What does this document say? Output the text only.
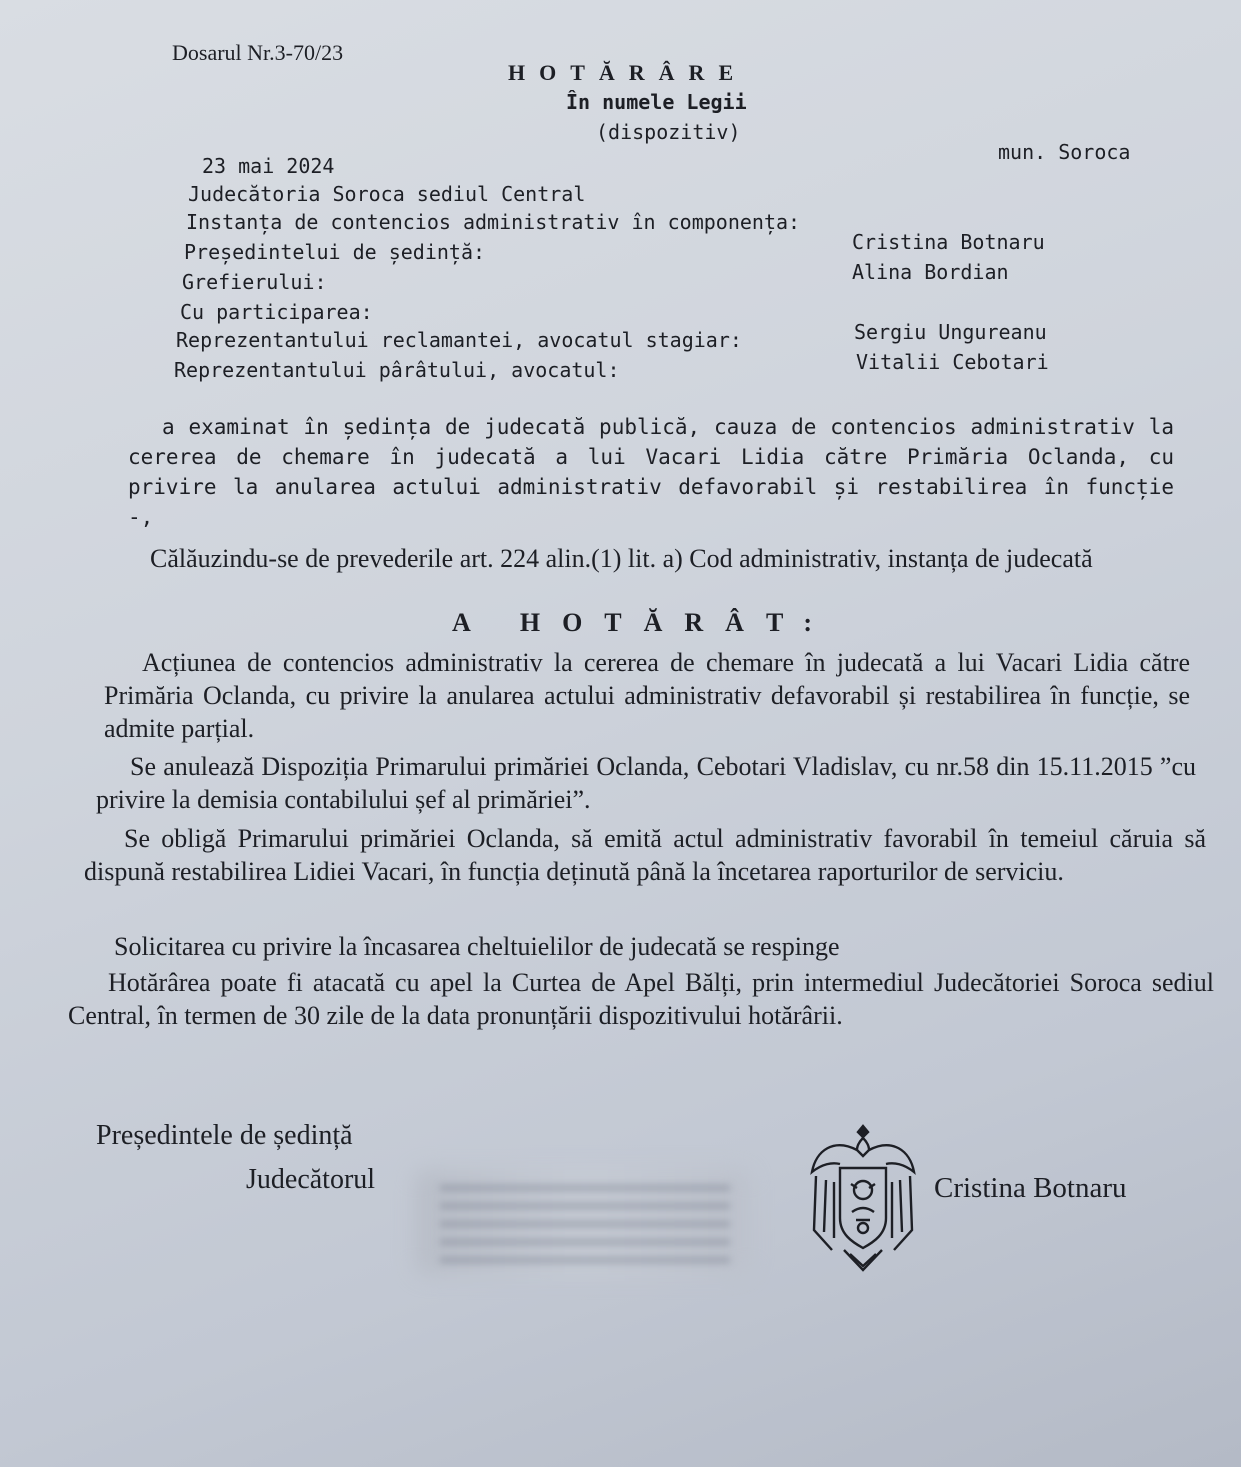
Dosarul Nr.3-70/23
HOTĂRÂRE
În numele Legii
(dispozitiv)
mun. Soroca
23 mai 2024
Judecătoria Soroca sediul Central
Instanța de contencios administrativ în componența:
Președintelui de ședință:	Cristina Botnaru
Grefierului:	Alina Bordian
Cu participarea:
Reprezentantului reclamantei, avocatul stagiar:	Sergiu Ungureanu
Reprezentantului pârâtului, avocatul:	Vitalii Cebotari
a examinat în ședința de judecată publică, cauza de contencios administrativ la cererea de chemare în judecată a lui Vacari Lidia către Primăria Oclanda, cu privire la anularea actului administrativ defavorabil și restabilirea în funcție -,
Călăuzindu-se de prevederile art. 224 alin.(1) lit. a) Cod administrativ, instanța de judecată
A HOTĂRÂT:
Acțiunea de contencios administrativ la cererea de chemare în judecată a lui Vacari Lidia către Primăria Oclanda, cu privire la anularea actului administrativ defavorabil și restabilirea în funcție, se admite parțial.
Se anulează Dispoziția Primarului primăriei Oclanda, Cebotari Vladislav, cu nr.58 din 15.11.2015 ”cu privire la demisia contabilului șef al primăriei”.
Se obligă Primarului primăriei Oclanda, să emită actul administrativ favorabil în temeiul căruia să dispună restabilirea Lidiei Vacari, în funcția deținută până la încetarea raporturilor de serviciu.
Solicitarea cu privire la încasarea cheltuielilor de judecată se respinge
Hotărârea poate fi atacată cu apel la Curtea de Apel Bălți, prin intermediul Judecătoriei Soroca sediul Central, în termen de 30 zile de la data pronunțării dispozitivului hotărârii.
Președintele de ședință
Judecătorul	Cristina Botnaru
